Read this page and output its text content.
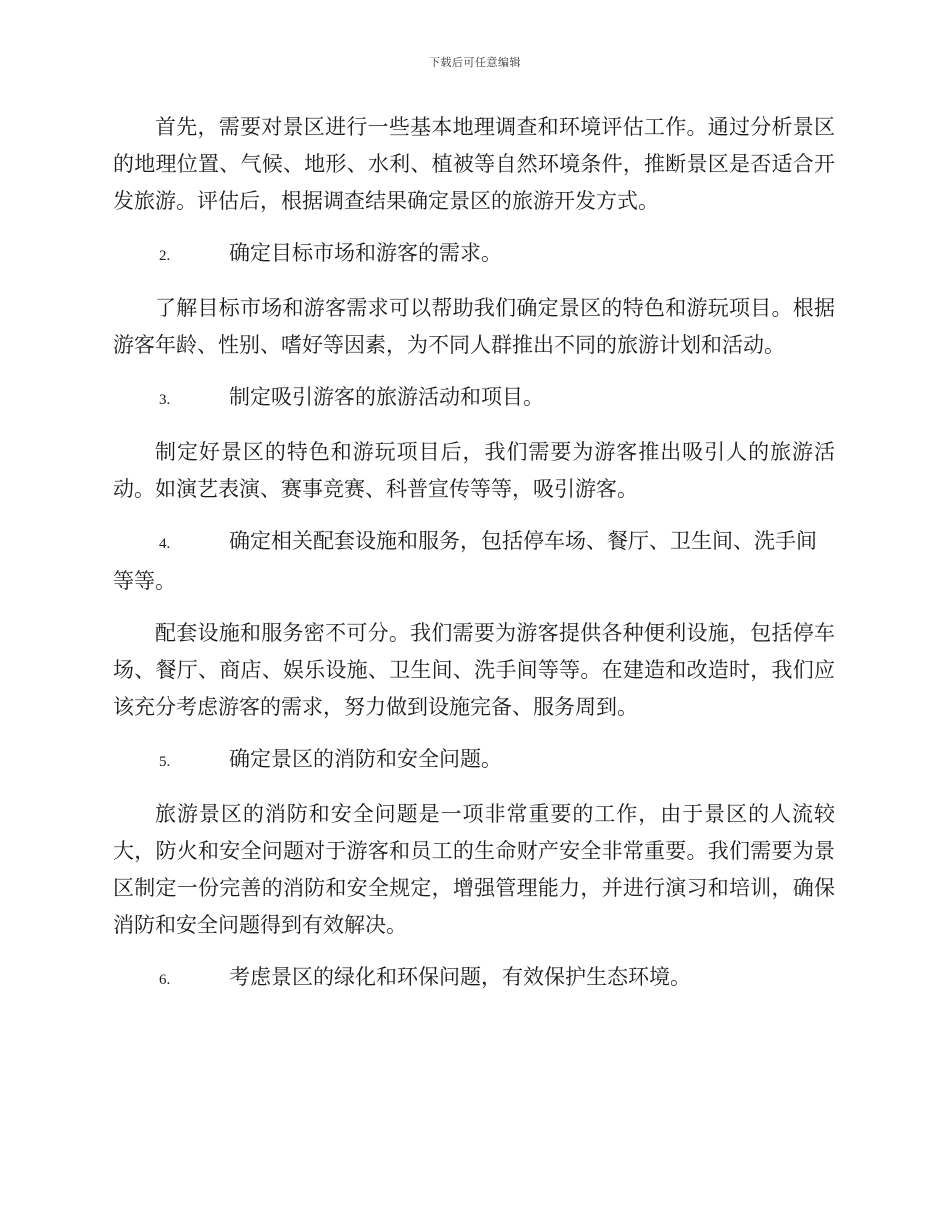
下载后可任意编辑

首先，需要对景区进行一些基本地理调查和环境评估工作。通过分析景区的地理位置、气候、地形、水利、植被等自然环境条件，推断景区是否适合开发旅游。评估后，根据调查结果确定景区的旅游开发方式。

2.	确定目标市场和游客的需求。

了解目标市场和游客需求可以帮助我们确定景区的特色和游玩项目。根据游客年龄、性别、嗜好等因素，为不同人群推出不同的旅游计划和活动。

3.	制定吸引游客的旅游活动和项目。

制定好景区的特色和游玩项目后，我们需要为游客推出吸引人的旅游活动。如演艺表演、赛事竞赛、科普宣传等等，吸引游客。

4.	确定相关配套设施和服务，包括停车场、餐厅、卫生间、洗手间等等。

配套设施和服务密不可分。我们需要为游客提供各种便利设施，包括停车场、餐厅、商店、娱乐设施、卫生间、洗手间等等。在建造和改造时，我们应该充分考虑游客的需求，努力做到设施完备、服务周到。

5.	确定景区的消防和安全问题。

旅游景区的消防和安全问题是一项非常重要的工作，由于景区的人流较大，防火和安全问题对于游客和员工的生命财产安全非常重要。我们需要为景区制定一份完善的消防和安全规定，增强管理能力，并进行演习和培训，确保消防和安全问题得到有效解决。

6.	考虑景区的绿化和环保问题，有效保护生态环境。
